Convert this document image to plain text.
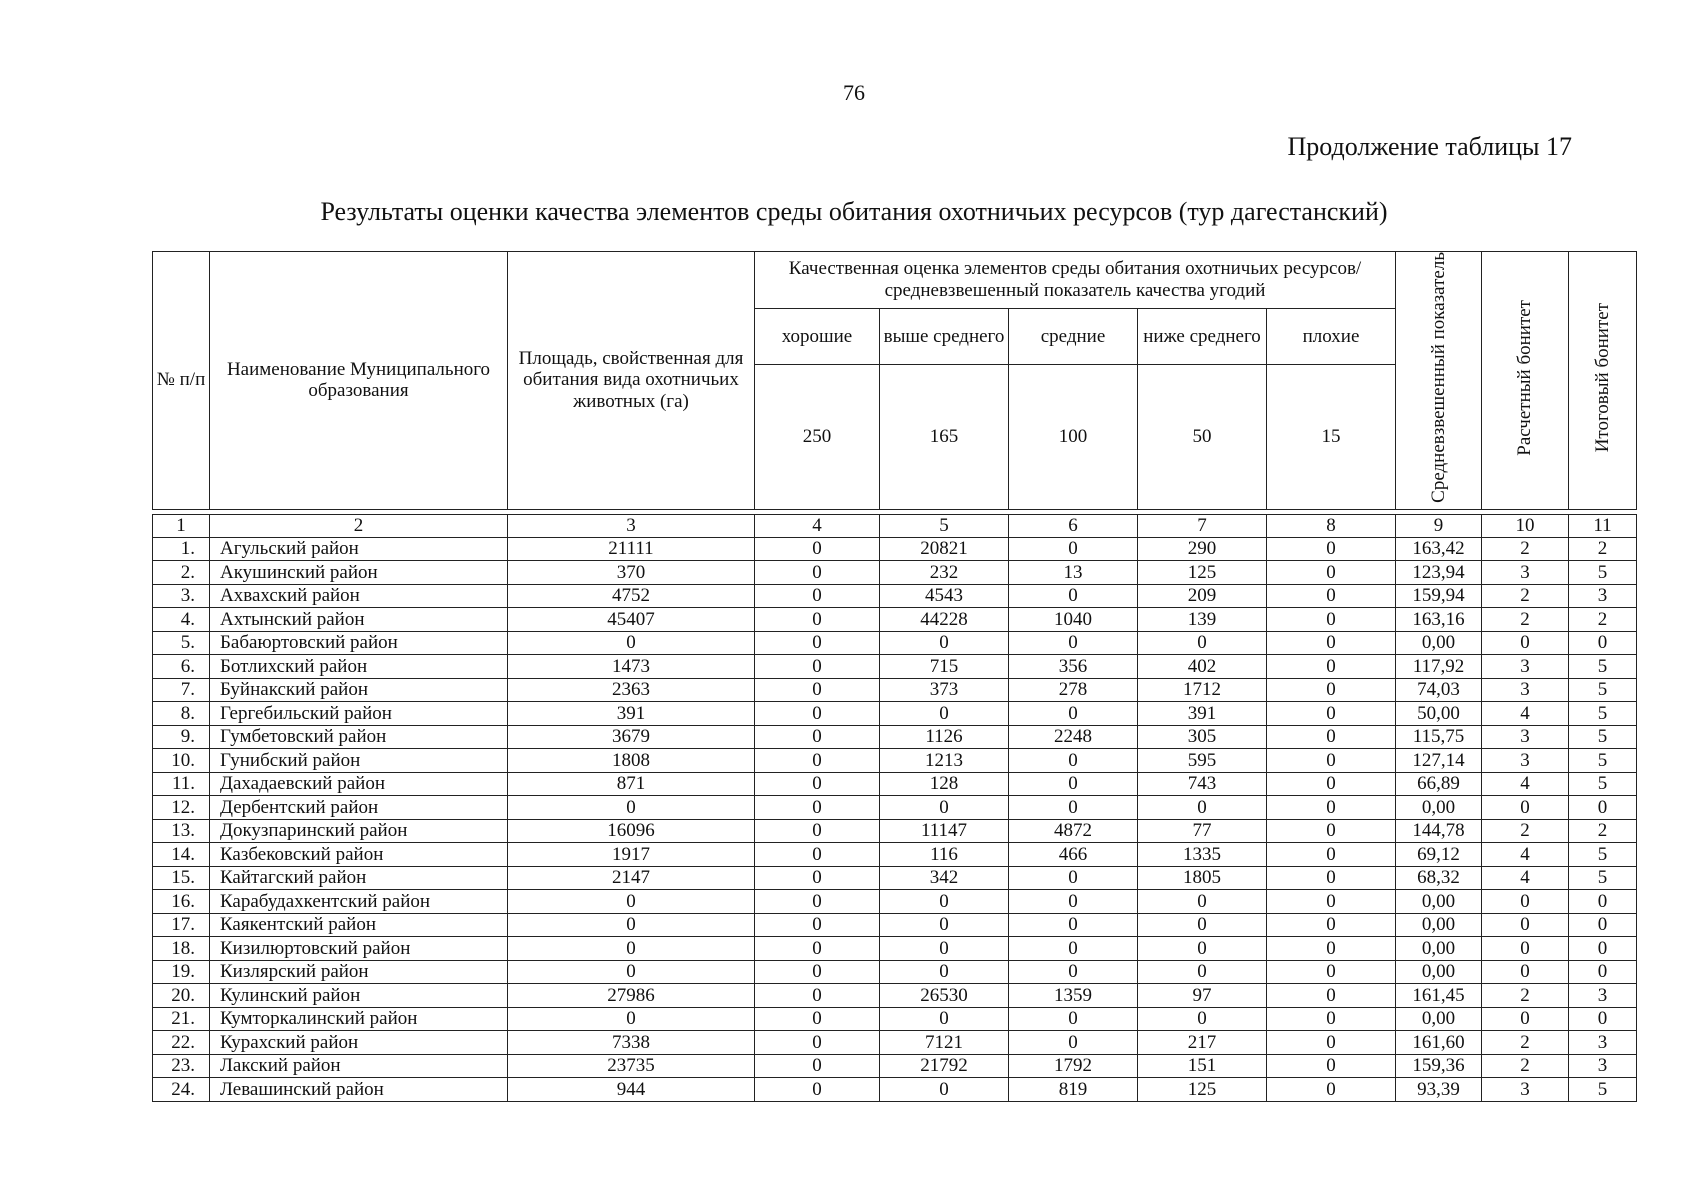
76
Продолжение таблицы 17
Результаты оценки качества элементов среды обитания охотничьих ресурсов (тур дагестанский)
№ п/п	Наименование Муниципального образования	Площадь, свойственная для обитания вида охотничьих животных (га)	Качественная оценка элементов среды обитания охотничьих ресурсов/средневзвешенный показатель качества угодий					Средневзвешенный показатель	Расчетный бонитет	Итоговый бонитет
			хорошие	выше среднего	средние	ниже среднего	плохие			
			250	165	100	50	15			

1	2	3	4	5	6	7	8	9	10	11
1.	Агульский район	21111	0	20821	0	290	0	163,42	2	2
2.	Акушинский район	370	0	232	13	125	0	123,94	3	5
3.	Ахвахский район	4752	0	4543	0	209	0	159,94	2	3
4.	Ахтынский район	45407	0	44228	1040	139	0	163,16	2	2
5.	Бабаюртовский район	0	0	0	0	0	0	0,00	0	0
6.	Ботлихский район	1473	0	715	356	402	0	117,92	3	5
7.	Буйнакский район	2363	0	373	278	1712	0	74,03	3	5
8.	Гергебильский район	391	0	0	0	391	0	50,00	4	5
9.	Гумбетовский район	3679	0	1126	2248	305	0	115,75	3	5
10.	Гунибский район	1808	0	1213	0	595	0	127,14	3	5
11.	Дахадаевский район	871	0	128	0	743	0	66,89	4	5
12.	Дербентский район	0	0	0	0	0	0	0,00	0	0
13.	Докузпаринский район	16096	0	11147	4872	77	0	144,78	2	2
14.	Казбековский район	1917	0	116	466	1335	0	69,12	4	5
15.	Кайтагский район	2147	0	342	0	1805	0	68,32	4	5
16.	Карабудахкентский район	0	0	0	0	0	0	0,00	0	0
17.	Каякентский район	0	0	0	0	0	0	0,00	0	0
18.	Кизилюртовский район	0	0	0	0	0	0	0,00	0	0
19.	Кизлярский район	0	0	0	0	0	0	0,00	0	0
20.	Кулинский район	27986	0	26530	1359	97	0	161,45	2	3
21.	Кумторкалинский район	0	0	0	0	0	0	0,00	0	0
22.	Курахский район	7338	0	7121	0	217	0	161,60	2	3
23.	Лакский район	23735	0	21792	1792	151	0	159,36	2	3
24.	Левашинский район	944	0	0	819	125	0	93,39	3	5
